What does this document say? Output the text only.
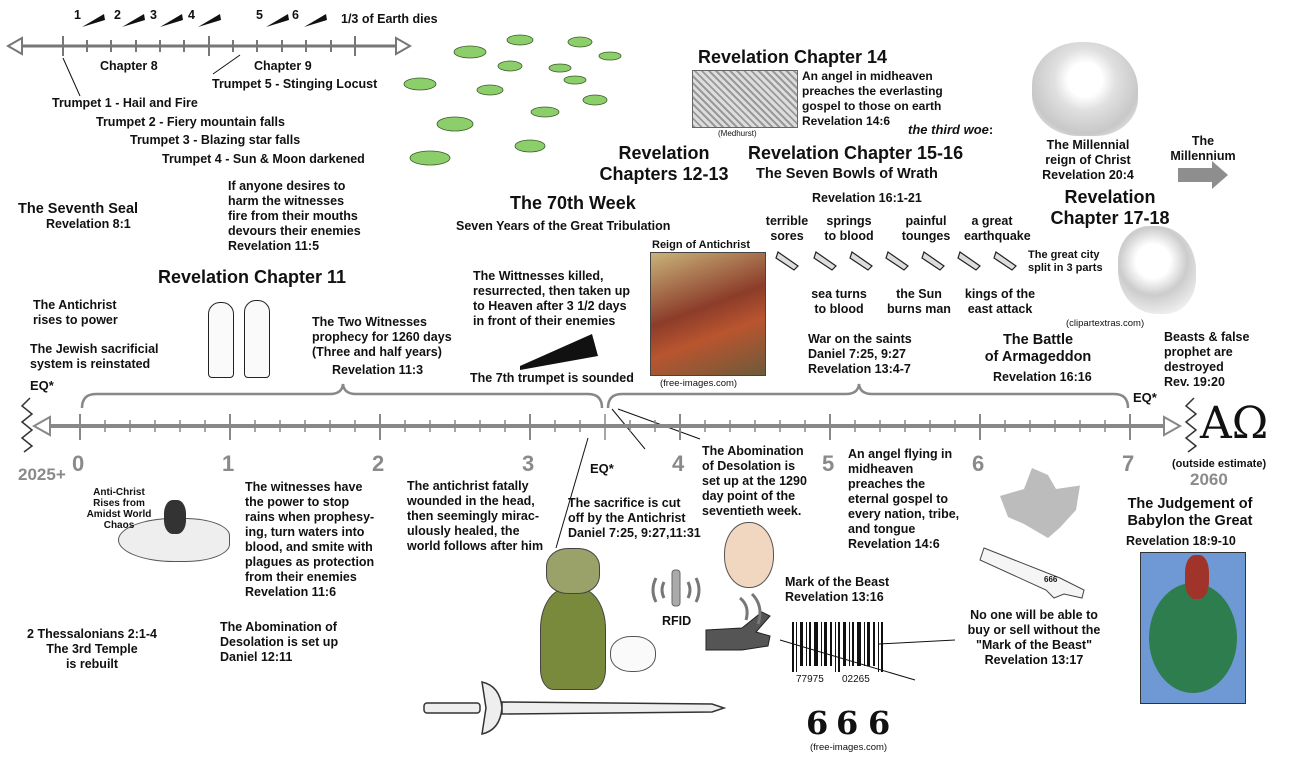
1	2 3 4	5 6	1/3 of Earth dies
Chapter 8	Chapter 9
Trumpet 5 - Stinging Locust
Trumpet 1 - Hail and Fire
Trumpet 2 - Fiery mountain falls
Trumpet 3 - Blazing star falls
Trumpet 4 - Sun & Moon darkened
The Seventh Seal
Revelation 8:1
If anyone desires to
harm the witnesses
fire from their mouths
devours their enemies
Revelation 11:5
Revelation Chapter 11
The Antichrist
rises to power
The Jewish sacrificial
system is reinstated
The Two Witnesses
prophecy for 1260 days
(Three and half years)
Revelation 11:3
The 70th Week
Seven Years of the Great Tribulation
Revelation
Chapters 12-13
The Wittnesses killed,
resurrected, then taken up
to Heaven after 3 1/2 days
in front of their enemies
The 7th trumpet is sounded
Reign of Antichrist
(free-images.com)
Revelation Chapter 14
An angel in midheaven
preaches the everlasting
gospel to those on earth
Revelation 14:6
(Medhurst)	the third woe:
Revelation Chapter 15-16
The Seven Bowls of Wrath
Revelation 16:1-21
terrible
sores
springs
to blood
painful
tounges
a great
earthquake
sea turns
to blood
the Sun
burns man
kings of the
east attack
The Millennial
reign of Christ
Revelation 20:4
The
Millennium
Revelation
Chapter 17-18
The great city
split in 3 parts
(clipartextras.com)
War on the saints
Daniel 7:25, 9:27
Revelation 13:4-7
The Battle
of Armageddon
Revelation 16:16
Beasts & false
prophet are
destroyed
Rev. 19:20
EQ*
EQ*
EQ*
ΑΩ
(outside estimate)
2025+	2060
0	1	2	3	4	5	6	7
Anti-Christ
Rises from
Amidst World
Chaos
The witnesses have
the power to stop
rains when prophesy-
ing, turn waters into
blood, and smite with
plagues as protection
from their enemies
Revelation 11:6
The antichrist fatally
wounded in the head,
then seemingly mirac-
ulously healed, the
world follows after him
The sacrifice is cut
off by the Antichrist
Daniel 7:25, 9:27,11:31
The Abomination
of Desolation is
set up at the 1290
day point of the
seventieth week.
An angel flying in
midheaven
preaches the
eternal gospel to
every nation, tribe,
and tongue
Revelation 14:6
The Judgement of
Babylon the Great
Revelation 18:9-10
2 Thessalonians 2:1-4
The 3rd Temple
is rebuilt
The Abomination of
Desolation is set up
Daniel 12:11
RFID
Mark of the Beast
Revelation 13:16
77975 02265
6 6 6
(free-images.com)
No one will be able to
buy or sell without the
"Mark of the Beast"
Revelation 13:17
666
